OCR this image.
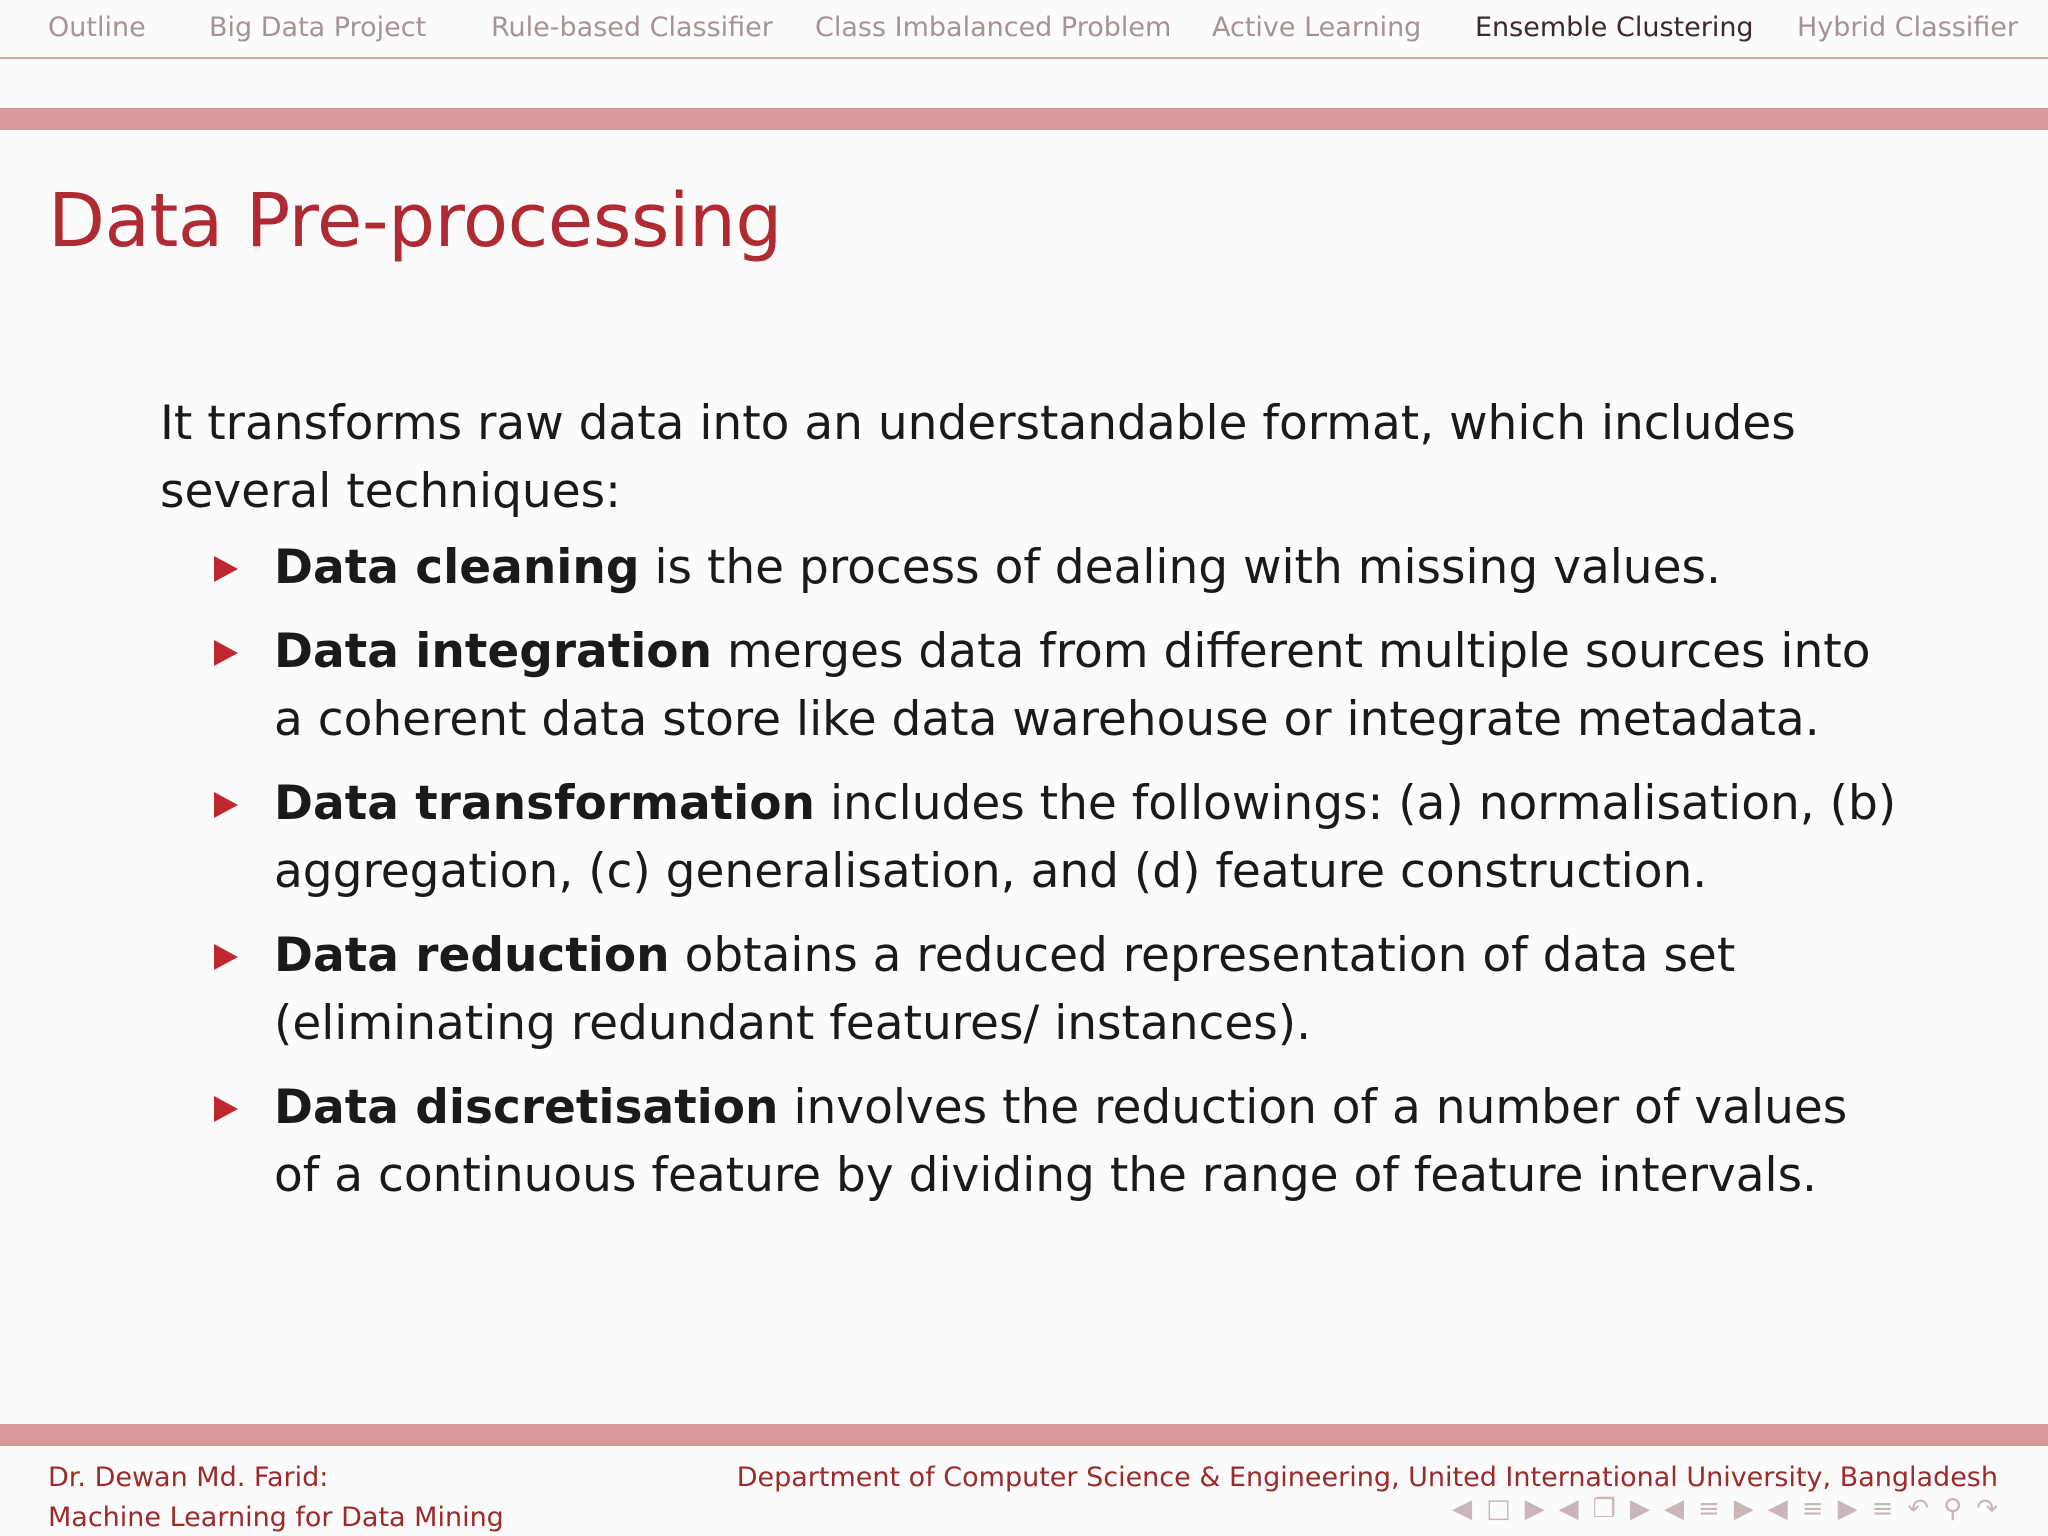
Outline Big Data Project Rule-based Classifier Class Imbalanced Problem Active Learning Ensemble Clustering Hybrid Classifier
Data Pre-processing

It transforms raw data into an understandable format, which includes several techniques:

Data cleaning is the process of dealing with missing values.
Data integration merges data from different multiple sources into a coherent data store like data warehouse or integrate metadata.
Data transformation includes the followings: (a) normalisation, (b) aggregation, (c) generalisation, and (d) feature construction.
Data reduction obtains a reduced representation of data set (eliminating redundant features/ instances).
Data discretisation involves the reduction of a number of values of a continuous feature by dividing the range of feature intervals.
Dr. Dewan Md. Farid:
Machine Learning for Data Mining
Department of Computer Science & Engineering, United International University, Bangladesh
◀ □ ▶ ◀ ❐ ▶ ◀ ≡ ▶ ◀ ≡ ▶ ≡ ↶ ⚲ ↷
